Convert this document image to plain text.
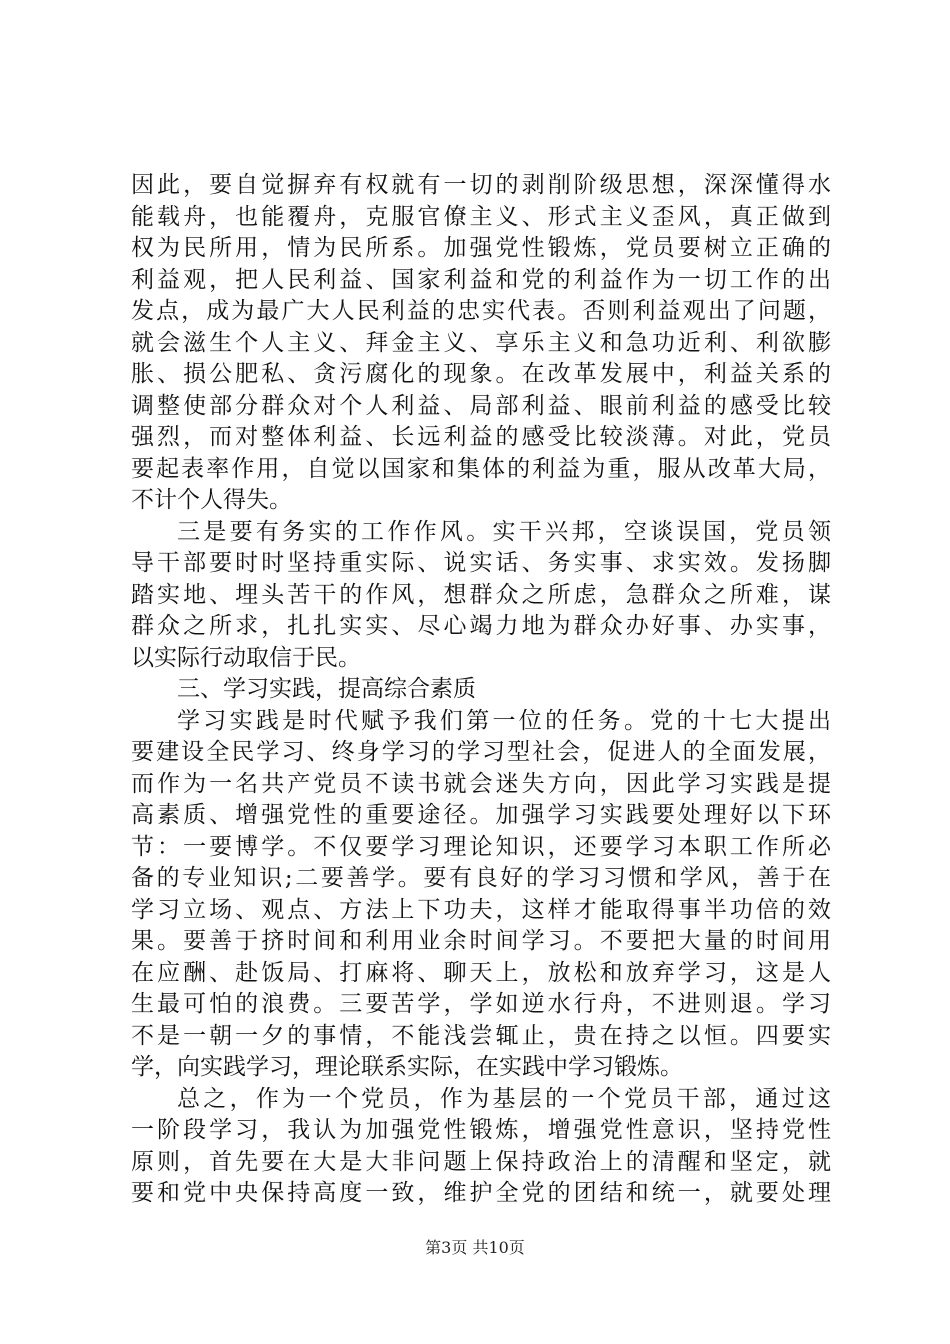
因此，要自觉摒弃有权就有一切的剥削阶级思想，深深懂得水
能载舟，也能覆舟，克服官僚主义、形式主义歪风，真正做到
权为民所用，情为民所系。加强党性锻炼，党员要树立正确的
利益观，把人民利益、国家利益和党的利益作为一切工作的出
发点，成为最广大人民利益的忠实代表。否则利益观出了问题，
就会滋生个人主义、拜金主义、享乐主义和急功近利、利欲膨
胀、损公肥私、贪污腐化的现象。在改革发展中，利益关系的
调整使部分群众对个人利益、局部利益、眼前利益的感受比较
强烈，而对整体利益、长远利益的感受比较淡薄。对此，党员
要起表率作用，自觉以国家和集体的利益为重，服从改革大局，
不计个人得失。
三是要有务实的工作作风。实干兴邦，空谈误国，党员领
导干部要时时坚持重实际、说实话、务实事、求实效。发扬脚
踏实地、埋头苦干的作风，想群众之所虑，急群众之所难，谋
群众之所求，扎扎实实、尽心竭力地为群众办好事、办实事，
以实际行动取信于民。
三、学习实践，提高综合素质
学习实践是时代赋予我们第一位的任务。党的十七大提出
要建设全民学习、终身学习的学习型社会，促进人的全面发展，
而作为一名共产党员不读书就会迷失方向，因此学习实践是提
高素质、增强党性的重要途径。加强学习实践要处理好以下环
节：一要博学。不仅要学习理论知识，还要学习本职工作所必
备的专业知识;二要善学。要有良好的学习习惯和学风，善于在
学习立场、观点、方法上下功夫，这样才能取得事半功倍的效
果。要善于挤时间和利用业余时间学习。不要把大量的时间用
在应酬、赴饭局、打麻将、聊天上，放松和放弃学习，这是人
生最可怕的浪费。三要苦学，学如逆水行舟，不进则退。学习
不是一朝一夕的事情，不能浅尝辄止，贵在持之以恒。四要实
学，向实践学习，理论联系实际，在实践中学习锻炼。
总之，作为一个党员，作为基层的一个党员干部，通过这
一阶段学习，我认为加强党性锻炼，增强党性意识，坚持党性
原则，首先要在大是大非问题上保持政治上的清醒和坚定，就
要和党中央保持高度一致，维护全党的团结和统一，就要处理
第3页 共10页
